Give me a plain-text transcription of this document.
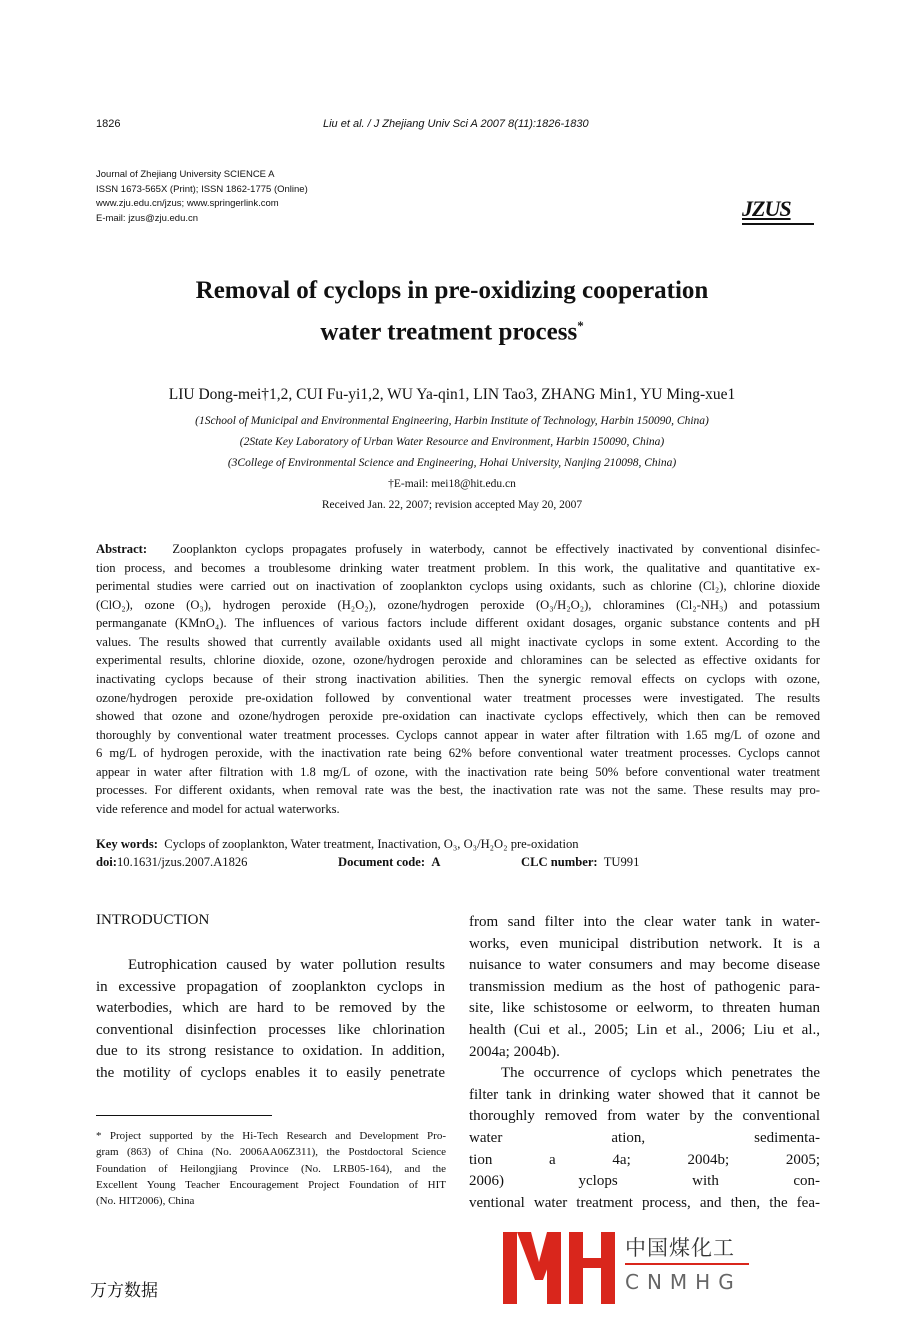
1826	Liu et al. / J Zhejiang Univ Sci A 2007 8(11):1826-1830
Journal of Zhejiang University SCIENCE A
ISSN 1673-565X (Print); ISSN 1862-1775 (Online)
www.zju.edu.cn/jzus; www.springerlink.com
E-mail: jzus@zju.edu.cn	JZUS
Removal of cyclops in pre-oxidizing cooperation
water treatment process*
LIU Dong-mei†1,2, CUI Fu-yi1,2, WU Ya-qin1, LIN Tao3, ZHANG Min1, YU Ming-xue1
(1School of Municipal and Environmental Engineering, Harbin Institute of Technology, Harbin 150090, China)
(2State Key Laboratory of Urban Water Resource and Environment, Harbin 150090, China)
(3College of Environmental Science and Engineering, Hohai University, Nanjing 210098, China)
†E-mail: mei18@hit.edu.cn
Received Jan. 22, 2007; revision accepted May 20, 2007
Abstract: Zooplankton cyclops propagates profusely in waterbody, cannot be effectively inactivated by conventional disinfec-
tion process, and becomes a troublesome drinking water treatment problem. In this work, the qualitative and quantitative ex-
perimental studies were carried out on inactivation of zooplankton cyclops using oxidants, such as chlorine (Cl₂), chlorine dioxide
(ClO₂), ozone (O₃), hydrogen peroxide (H₂O₂), ozone/hydrogen peroxide (O₃/H₂O₂), chloramines (Cl₂-NH₃) and potassium
permanganate (KMnO₄). The influences of various factors include different oxidant dosages, organic substance contents and pH
values. The results showed that currently available oxidants used all might inactivate cyclops in some extent. According to the
experimental results, chlorine dioxide, ozone, ozone/hydrogen peroxide and chloramines can be selected as effective oxidants for
inactivating cyclops because of their strong inactivation abilities. Then the synergic removal effects on cyclops with ozone,
ozone/hydrogen peroxide pre-oxidation followed by conventional water treatment processes were investigated. The results
showed that ozone and ozone/hydrogen peroxide pre-oxidation can inactivate cyclops effectively, which then can be removed
thoroughly by conventional water treatment processes. Cyclops cannot appear in water after filtration with 1.65 mg/L of ozone and
6 mg/L of hydrogen peroxide, with the inactivation rate being 62% before conventional water treatment processes. Cyclops cannot
appear in water after filtration with 1.8 mg/L of ozone, with the inactivation rate being 50% before conventional water treatment
processes. For different oxidants, when removal rate was the best, the inactivation rate was not the same. These results may pro-
vide reference and model for actual waterworks.
Key words: Cyclops of zooplankton, Water treatment, Inactivation, O₃, O₃/H₂O₂ pre-oxidation
doi:10.1631/jzus.2007.A1826	Document code: A	CLC number: TU991
INTRODUCTION
Eutrophication caused by water pollution results
in excessive propagation of zooplankton cyclops in
waterbodies, which are hard to be removed by the
conventional disinfection processes like chlorination
due to its strong resistance to oxidation. In addition,
the motility of cyclops enables it to easily penetrate
* Project supported by the Hi-Tech Research and Development Pro-
gram (863) of China (No. 2006AA06Z311), the Postdoctoral Science
Foundation of Heilongjiang Province (No. LRB05-164), and the
Excellent Young Teacher Encouragement Project Foundation of HIT
(No. HIT2006), China
from sand filter into the clear water tank in water-
works, even municipal distribution network. It is a
nuisance to water consumers and may become disease
transmission medium as the host of pathogenic para-
site, like schistosome or eelworm, to threaten human
health (Cui et al., 2005; Lin et al., 2006; Liu et al.,
2004a; 2004b).
The occurrence of cyclops which penetrates the
filter tank in drinking water showed that it cannot be
thoroughly removed from water by the conventional
water ation, sedimenta-
tion a 4a; 2004b; 2005;
2006) yclops with con-
ventional water treatment process, and then, the fea-
中国煤化工
CNMHG
万方数据
